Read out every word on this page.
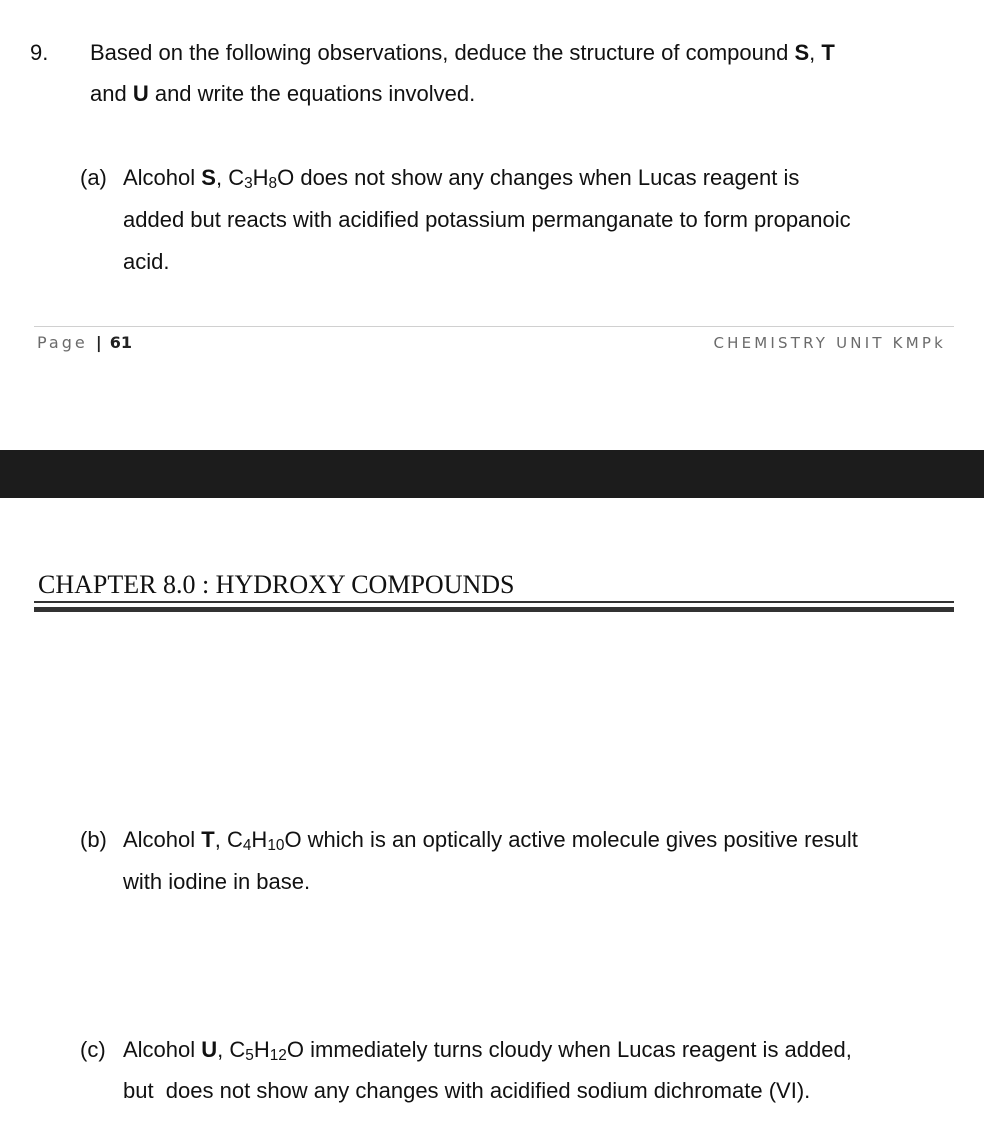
9. Based on the following observations, deduce the structure of compound S, T
and U and write the equations involved.
(a) Alcohol S, C3H8O does not show any changes when Lucas reagent is
added but reacts with acidified potassium permanganate to form propanoic
acid.
Page | 61	CHEMISTRY UNIT KMPk
CHAPTER 8.0 : HYDROXY COMPOUNDS
(b) Alcohol T, C4H10O which is an optically active molecule gives positive result
with iodine in base.
(c) Alcohol U, C5H12O immediately turns cloudy when Lucas reagent is added,
but  does not show any changes with acidified sodium dichromate (VI).
